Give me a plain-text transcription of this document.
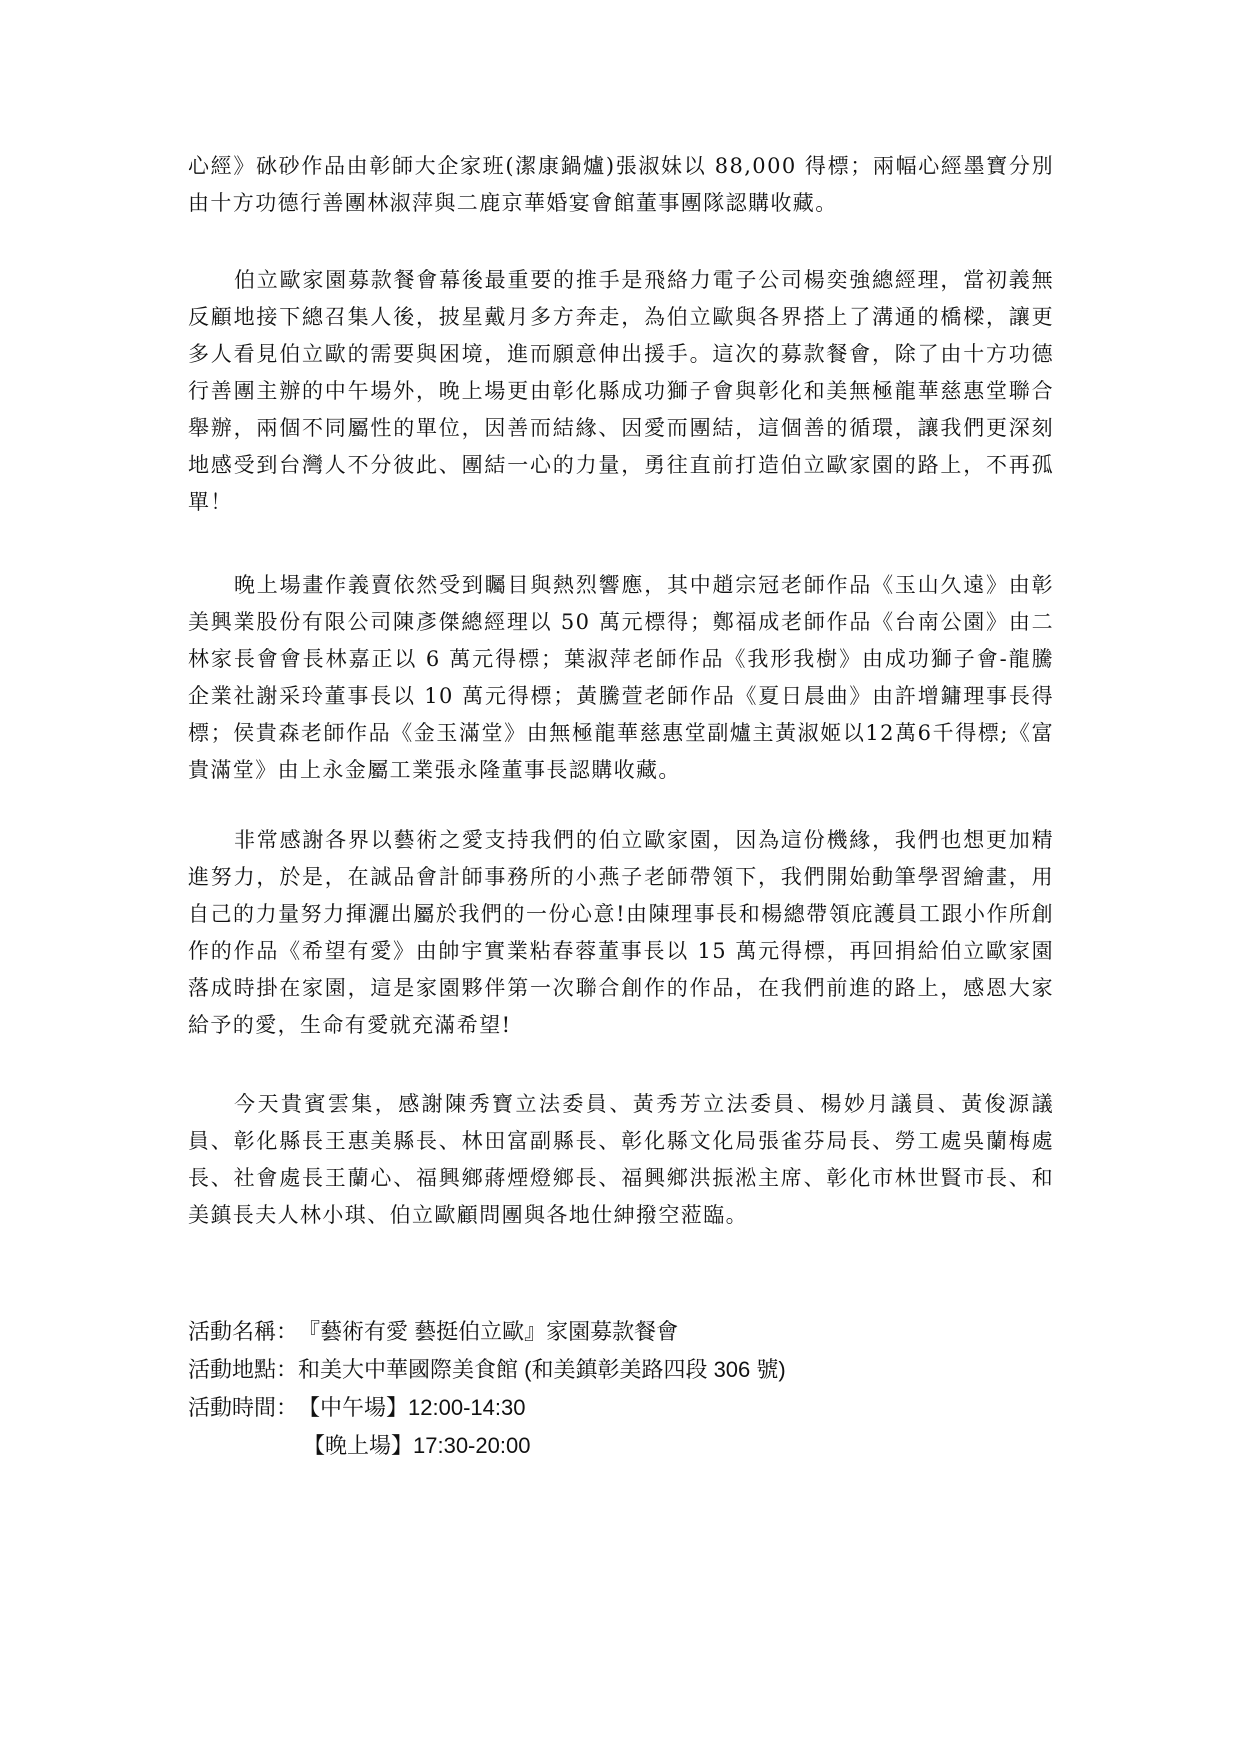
心經》砅砂作品由彰師大企家班(潔康鍋爐)張淑妹以 88,000 得標；兩幅心經墨寶分別由十方功德行善團林淑萍與二鹿京華婚宴會館董事團隊認購收藏。

伯立歐家園募款餐會幕後最重要的推手是飛絡力電子公司楊奕強總經理，當初義無反顧地接下總召集人後，披星戴月多方奔走，為伯立歐與各界搭上了溝通的橋樑，讓更多人看見伯立歐的需要與困境，進而願意伸出援手。這次的募款餐會，除了由十方功德行善團主辦的中午場外，晚上場更由彰化縣成功獅子會與彰化和美無極龍華慈惠堂聯合舉辦，兩個不同屬性的單位，因善而結緣、因愛而團結，這個善的循環，讓我們更深刻地感受到台灣人不分彼此、團結一心的力量，勇往直前打造伯立歐家園的路上，不再孤單！

晚上場畫作義賣依然受到矚目與熱烈響應，其中趙宗冠老師作品《玉山久遠》由彰美興業股份有限公司陳彥傑總經理以 50 萬元標得；鄭福成老師作品《台南公園》由二林家長會會長林嘉正以 6 萬元得標；葉淑萍老師作品《我形我樹》由成功獅子會-龍騰企業社謝采玲董事長以 10 萬元得標；黃騰萱老師作品《夏日晨曲》由許增鏞理事長得標；侯貴森老師作品《金玉滿堂》由無極龍華慈惠堂副爐主黃淑姬以12萬6千得標;《富貴滿堂》由上永金屬工業張永隆董事長認購收藏。

非常感謝各界以藝術之愛支持我們的伯立歐家園，因為這份機緣，我們也想更加精進努力，於是，在誠品會計師事務所的小燕子老師帶領下，我們開始動筆學習繪畫，用自己的力量努力揮灑出屬於我們的一份心意!由陳理事長和楊總帶領庇護員工跟小作所創作的作品《希望有愛》由帥宇實業粘春蓉董事長以 15 萬元得標，再回捐給伯立歐家園落成時掛在家園，這是家園夥伴第一次聯合創作的作品，在我們前進的路上，感恩大家給予的愛，生命有愛就充滿希望!

今天貴賓雲集，感謝陳秀寶立法委員、黃秀芳立法委員、楊妙月議員、黃俊源議員、彰化縣長王惠美縣長、林田富副縣長、彰化縣文化局張雀芬局長、勞工處吳蘭梅處長、社會處長王蘭心、福興鄉蔣煙燈鄉長、福興鄉洪振淞主席、彰化市林世賢市長、和美鎮長夫人林小琪、伯立歐顧問團與各地仕紳撥空蒞臨。

活動名稱： 『藝術有愛 藝挺伯立歐』家園募款餐會
活動地點： 和美大中華國際美食館 (和美鎮彰美路四段 306 號)
活動時間： 【中午場】12:00-14:30
【晚上場】17:30-20:00
